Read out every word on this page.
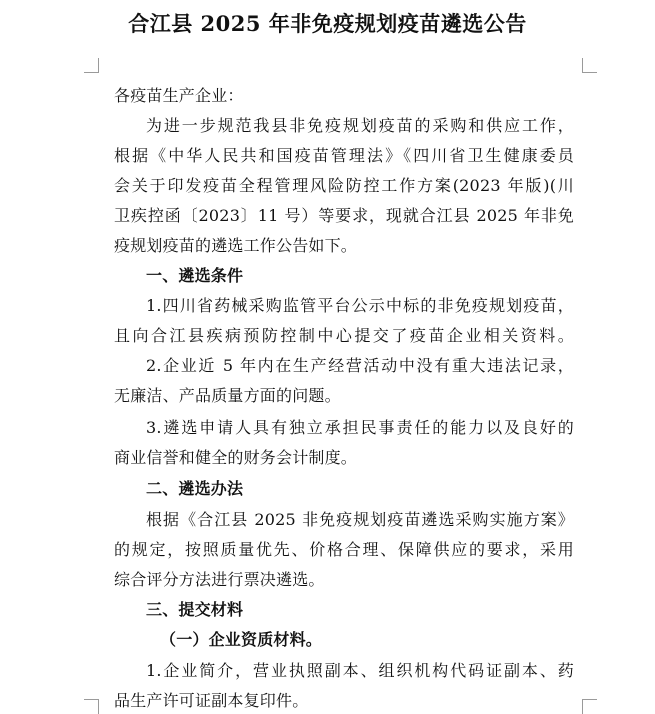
合江县 2025 年非免疫规划疫苗遴选公告
各疫苗生产企业：
为进一步规范我县非免疫规划疫苗的采购和供应工作，
根据《中华人民共和国疫苗管理法》《四川省卫生健康委员
会关于印发疫苗全程管理风险防控工作方案(2023 年版)(川
卫疾控函〔2023〕11 号）等要求，现就合江县 2025 年非免
疫规划疫苗的遴选工作公告如下。
一、遴选条件
1.四川省药械采购监管平台公示中标的非免疫规划疫苗，
且向合江县疾病预防控制中心提交了疫苗企业相关资料。
2.企业近 5 年内在生产经营活动中没有重大违法记录，
无廉洁、产品质量方面的问题。
3.遴选申请人具有独立承担民事责任的能力以及良好的
商业信誉和健全的财务会计制度。
二、遴选办法
根据《合江县 2025 非免疫规划疫苗遴选采购实施方案》
的规定，按照质量优先、价格合理、保障供应的要求，采用
综合评分方法进行票决遴选。
三、提交材料
（一）企业资质材料。
1.企业简介，营业执照副本、组织机构代码证副本、药
品生产许可证副本复印件。
